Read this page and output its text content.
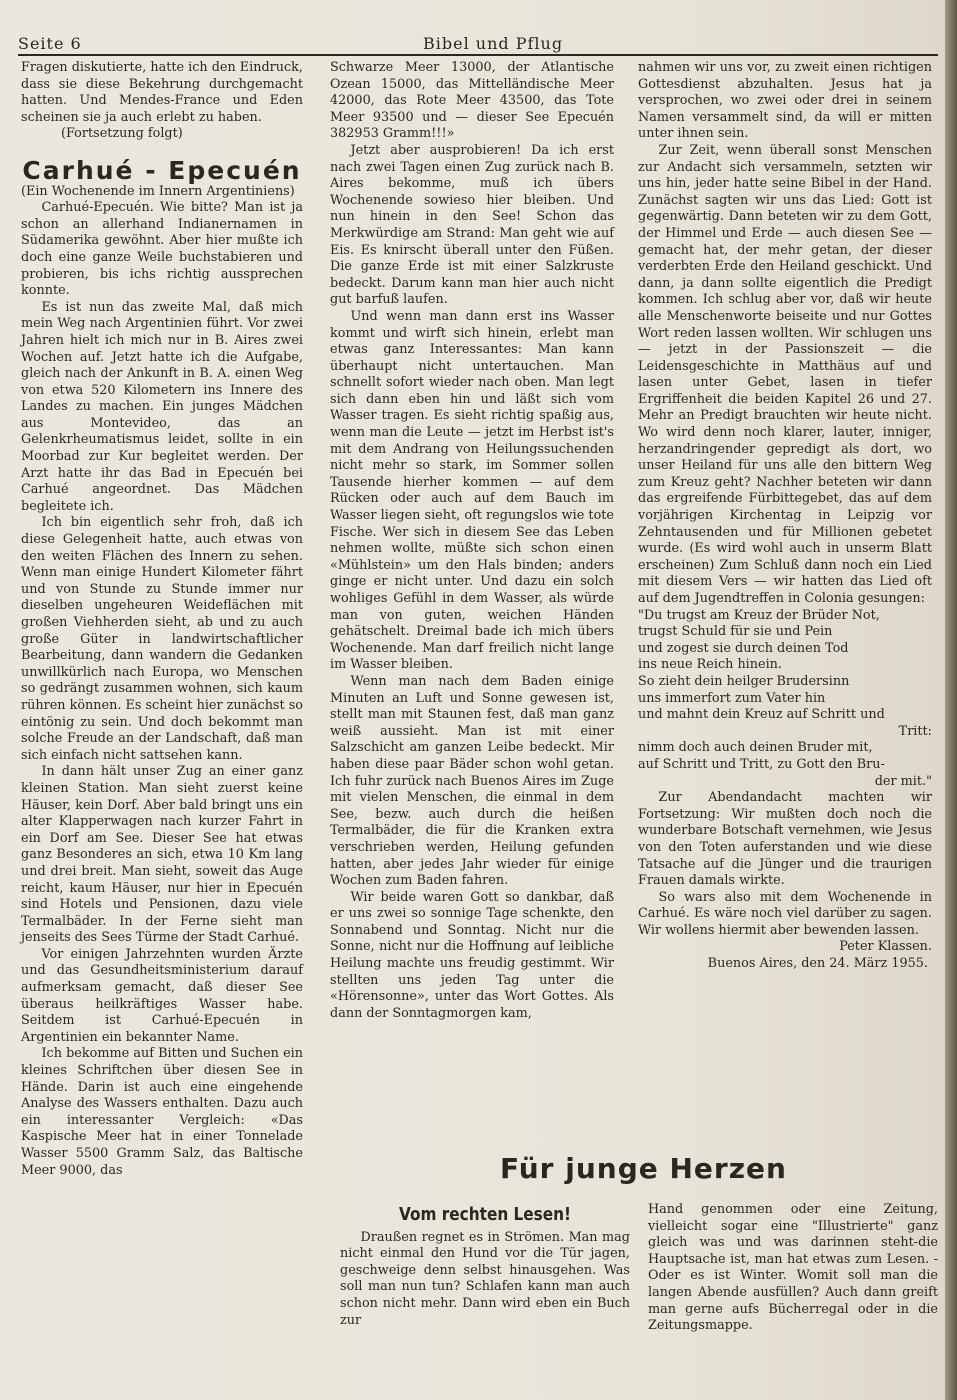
Seite 6	Bibel und Pflug

Fragen diskutierte, hatte ich den Eindruck, dass sie diese Bekehrung durchgemacht hatten. Und Mendes-France und Eden scheinen sie ja auch erlebt zu haben.

(Fortsetzung folgt)

Carhué - Epecuén

(Ein Wochenende im Innern Argentiniens)

Carhué-Epecuén. Wie bitte? Man ist ja schon an allerhand Indianernamen in Südamerika gewöhnt. Aber hier mußte ich doch eine ganze Weile buchstabieren und probieren, bis ichs richtig aussprechen konnte.

Es ist nun das zweite Mal, daß mich mein Weg nach Argentinien führt. Vor zwei Jahren hielt ich mich nur in B. Aires zwei Wochen auf. Jetzt hatte ich die Aufgabe, gleich nach der Ankunft in B. A. einen Weg von etwa 520 Kilometern ins Innere des Landes zu machen. Ein junges Mädchen aus Montevideo, das an Gelenkrheumatismus leidet, sollte in ein Moorbad zur Kur begleitet werden. Der Arzt hatte ihr das Bad in Epecuén bei Carhué angeordnet. Das Mädchen begleitete ich.

Ich bin eigentlich sehr froh, daß ich diese Gelegenheit hatte, auch etwas von den weiten Flächen des Innern zu sehen. Wenn man einige Hundert Kilometer fährt und von Stunde zu Stunde immer nur dieselben ungeheuren Weideflächen mit großen Viehherden sieht, ab und zu auch große Güter in landwirtschaftlicher Bearbeitung, dann wandern die Gedanken unwillkürlich nach Europa, wo Menschen so gedrängt zusammen wohnen, sich kaum rühren können. Es scheint hier zunächst so eintönig zu sein. Und doch bekommt man solche Freude an der Landschaft, daß man sich einfach nicht sattsehen kann.

In dann hält unser Zug an einer ganz kleinen Station. Man sieht zuerst keine Häuser, kein Dorf. Aber bald bringt uns ein alter Klapperwagen nach kurzer Fahrt in ein Dorf am See. Dieser See hat etwas ganz Besonderes an sich, etwa 10 Km lang und drei breit. Man sieht, soweit das Auge reicht, kaum Häuser, nur hier in Epecuén sind Hotels und Pensionen, dazu viele Termalbäder. In der Ferne sieht man jenseits des Sees Türme der Stadt Carhué.

Vor einigen Jahrzehnten wurden Ärzte und das Gesundheitsministerium darauf aufmerksam gemacht, daß dieser See überaus heilkräftiges Wasser habe. Seitdem ist Carhué-Epecuén in Argentinien ein bekannter Name.

Ich bekomme auf Bitten und Suchen ein kleines Schriftchen über diesen See in Hände. Darin ist auch eine eingehende Analyse des Wassers enthalten. Dazu auch ein interessanter Vergleich: «Das Kaspische Meer hat in einer Tonnelade Wasser 5500 Gramm Salz, das Baltische Meer 9000, das

Schwarze Meer 13000, der Atlantische Ozean 15000, das Mittelländische Meer 42000, das Rote Meer 43500, das Tote Meer 93500 und — dieser See Epecuén 382953 Gramm!!!»

Jetzt aber ausprobieren! Da ich erst nach zwei Tagen einen Zug zurück nach B. Aires bekomme, muß ich übers Wochenende sowieso hier bleiben. Und nun hinein in den See! Schon das Merkwürdige am Strand: Man geht wie auf Eis. Es knirscht überall unter den Füßen. Die ganze Erde ist mit einer Salzkruste bedeckt. Darum kann man hier auch nicht gut barfuß laufen.

Und wenn man dann erst ins Wasser kommt und wirft sich hinein, erlebt man etwas ganz Interessantes: Man kann überhaupt nicht untertauchen. Man schnellt sofort wieder nach oben. Man legt sich dann eben hin und läßt sich vom Wasser tragen. Es sieht richtig spaßig aus, wenn man die Leute — jetzt im Herbst ist's mit dem Andrang von Heilungssuchenden nicht mehr so stark, im Sommer sollen Tausende hierher kommen — auf dem Rücken oder auch auf dem Bauch im Wasser liegen sieht, oft regungslos wie tote Fische. Wer sich in diesem See das Leben nehmen wollte, müßte sich schon einen «Mühlstein» um den Hals binden; anders ginge er nicht unter. Und dazu ein solch wohliges Gefühl in dem Wasser, als würde man von guten, weichen Händen gehätschelt. Dreimal bade ich mich übers Wochenende. Man darf freilich nicht lange im Wasser bleiben.

Wenn man nach dem Baden einige Minuten an Luft und Sonne gewesen ist, stellt man mit Staunen fest, daß man ganz weiß aussieht. Man ist mit einer Salzschicht am ganzen Leibe bedeckt. Mir haben diese paar Bäder schon wohl getan. Ich fuhr zurück nach Buenos Aires im Zuge mit vielen Menschen, die einmal in dem See, bezw. auch durch die heißen Termalbäder, die für die Kranken extra verschrieben werden, Heilung gefunden hatten, aber jedes Jahr wieder für einige Wochen zum Baden fahren.

Wir beide waren Gott so dankbar, daß er uns zwei so sonnige Tage schenkte, den Sonnabend und Sonntag. Nicht nur die Sonne, nicht nur die Hoffnung auf leibliche Heilung machte uns freudig gestimmt. Wir stellten uns jeden Tag unter die «Hörensonne», unter das Wort Gottes. Als dann der Sonntagmorgen kam,

nahmen wir uns vor, zu zweit einen richtigen Gottesdienst abzuhalten. Jesus hat ja versprochen, wo zwei oder drei in seinem Namen versammelt sind, da will er mitten unter ihnen sein.

Zur Zeit, wenn überall sonst Menschen zur Andacht sich versammeln, setzten wir uns hin, jeder hatte seine Bibel in der Hand. Zunächst sagten wir uns das Lied: Gott ist gegenwärtig. Dann beteten wir zu dem Gott, der Himmel und Erde — auch diesen See — gemacht hat, der mehr getan, der dieser verderbten Erde den Heiland geschickt. Und dann, ja dann sollte eigentlich die Predigt kommen. Ich schlug aber vor, daß wir heute alle Menschenworte beiseite und nur Gottes Wort reden lassen wollten. Wir schlugen uns — jetzt in der Passionszeit — die Leidensgeschichte in Matthäus auf und lasen unter Gebet, lasen in tiefer Ergriffenheit die beiden Kapitel 26 und 27. Mehr an Predigt brauchten wir heute nicht. Wo wird denn noch klarer, lauter, inniger, herzandringender gepredigt als dort, wo unser Heiland für uns alle den bittern Weg zum Kreuz geht? Nachher beteten wir dann das ergreifende Fürbittegebet, das auf dem vorjährigen Kirchentag in Leipzig vor Zehntausenden und für Millionen gebetet wurde. (Es wird wohl auch in unserm Blatt erscheinen) Zum Schluß dann noch ein Lied mit diesem Vers — wir hatten das Lied oft auf dem Jugendtreffen in Colonia gesungen:

"Du trugst am Kreuz der Brüder Not,
trugst Schuld für sie und Pein
und zogest sie durch deinen Tod
ins neue Reich hinein.
So zieht dein heilger Brudersinn
uns immerfort zum Vater hin
und mahnt dein Kreuz auf Schritt und
Tritt:
nimm doch auch deinen Bruder mit,
auf Schritt und Tritt, zu Gott den Bru-
der mit."

Zur Abendandacht machten wir Fortsetzung: Wir mußten doch noch die wunderbare Botschaft vernehmen, wie Jesus von den Toten auferstanden und wie diese Tatsache auf die Jünger und die traurigen Frauen damals wirkte.

So wars also mit dem Wochenende in Carhué. Es wäre noch viel darüber zu sagen. Wir wollens hiermit aber bewenden lassen.

Peter Klassen.

Buenos Aires, den 24. März 1955.

Für junge Herzen
Vom rechten Lesen!

Draußen regnet es in Strömen. Man mag nicht einmal den Hund vor die Tür jagen, geschweige denn selbst hinausgehen. Was soll man nun tun? Schlafen kann man auch schon nicht mehr. Dann wird eben ein Buch zur

Hand genommen oder eine Zeitung, vielleicht sogar eine "Illustrierte" ganz gleich was und was darinnen steht-die Hauptsache ist, man hat etwas zum Lesen. - Oder es ist Winter. Womit soll man die langen Abende ausfüllen? Auch dann greift man gerne aufs Bücherregal oder in die Zeitungsmappe.
